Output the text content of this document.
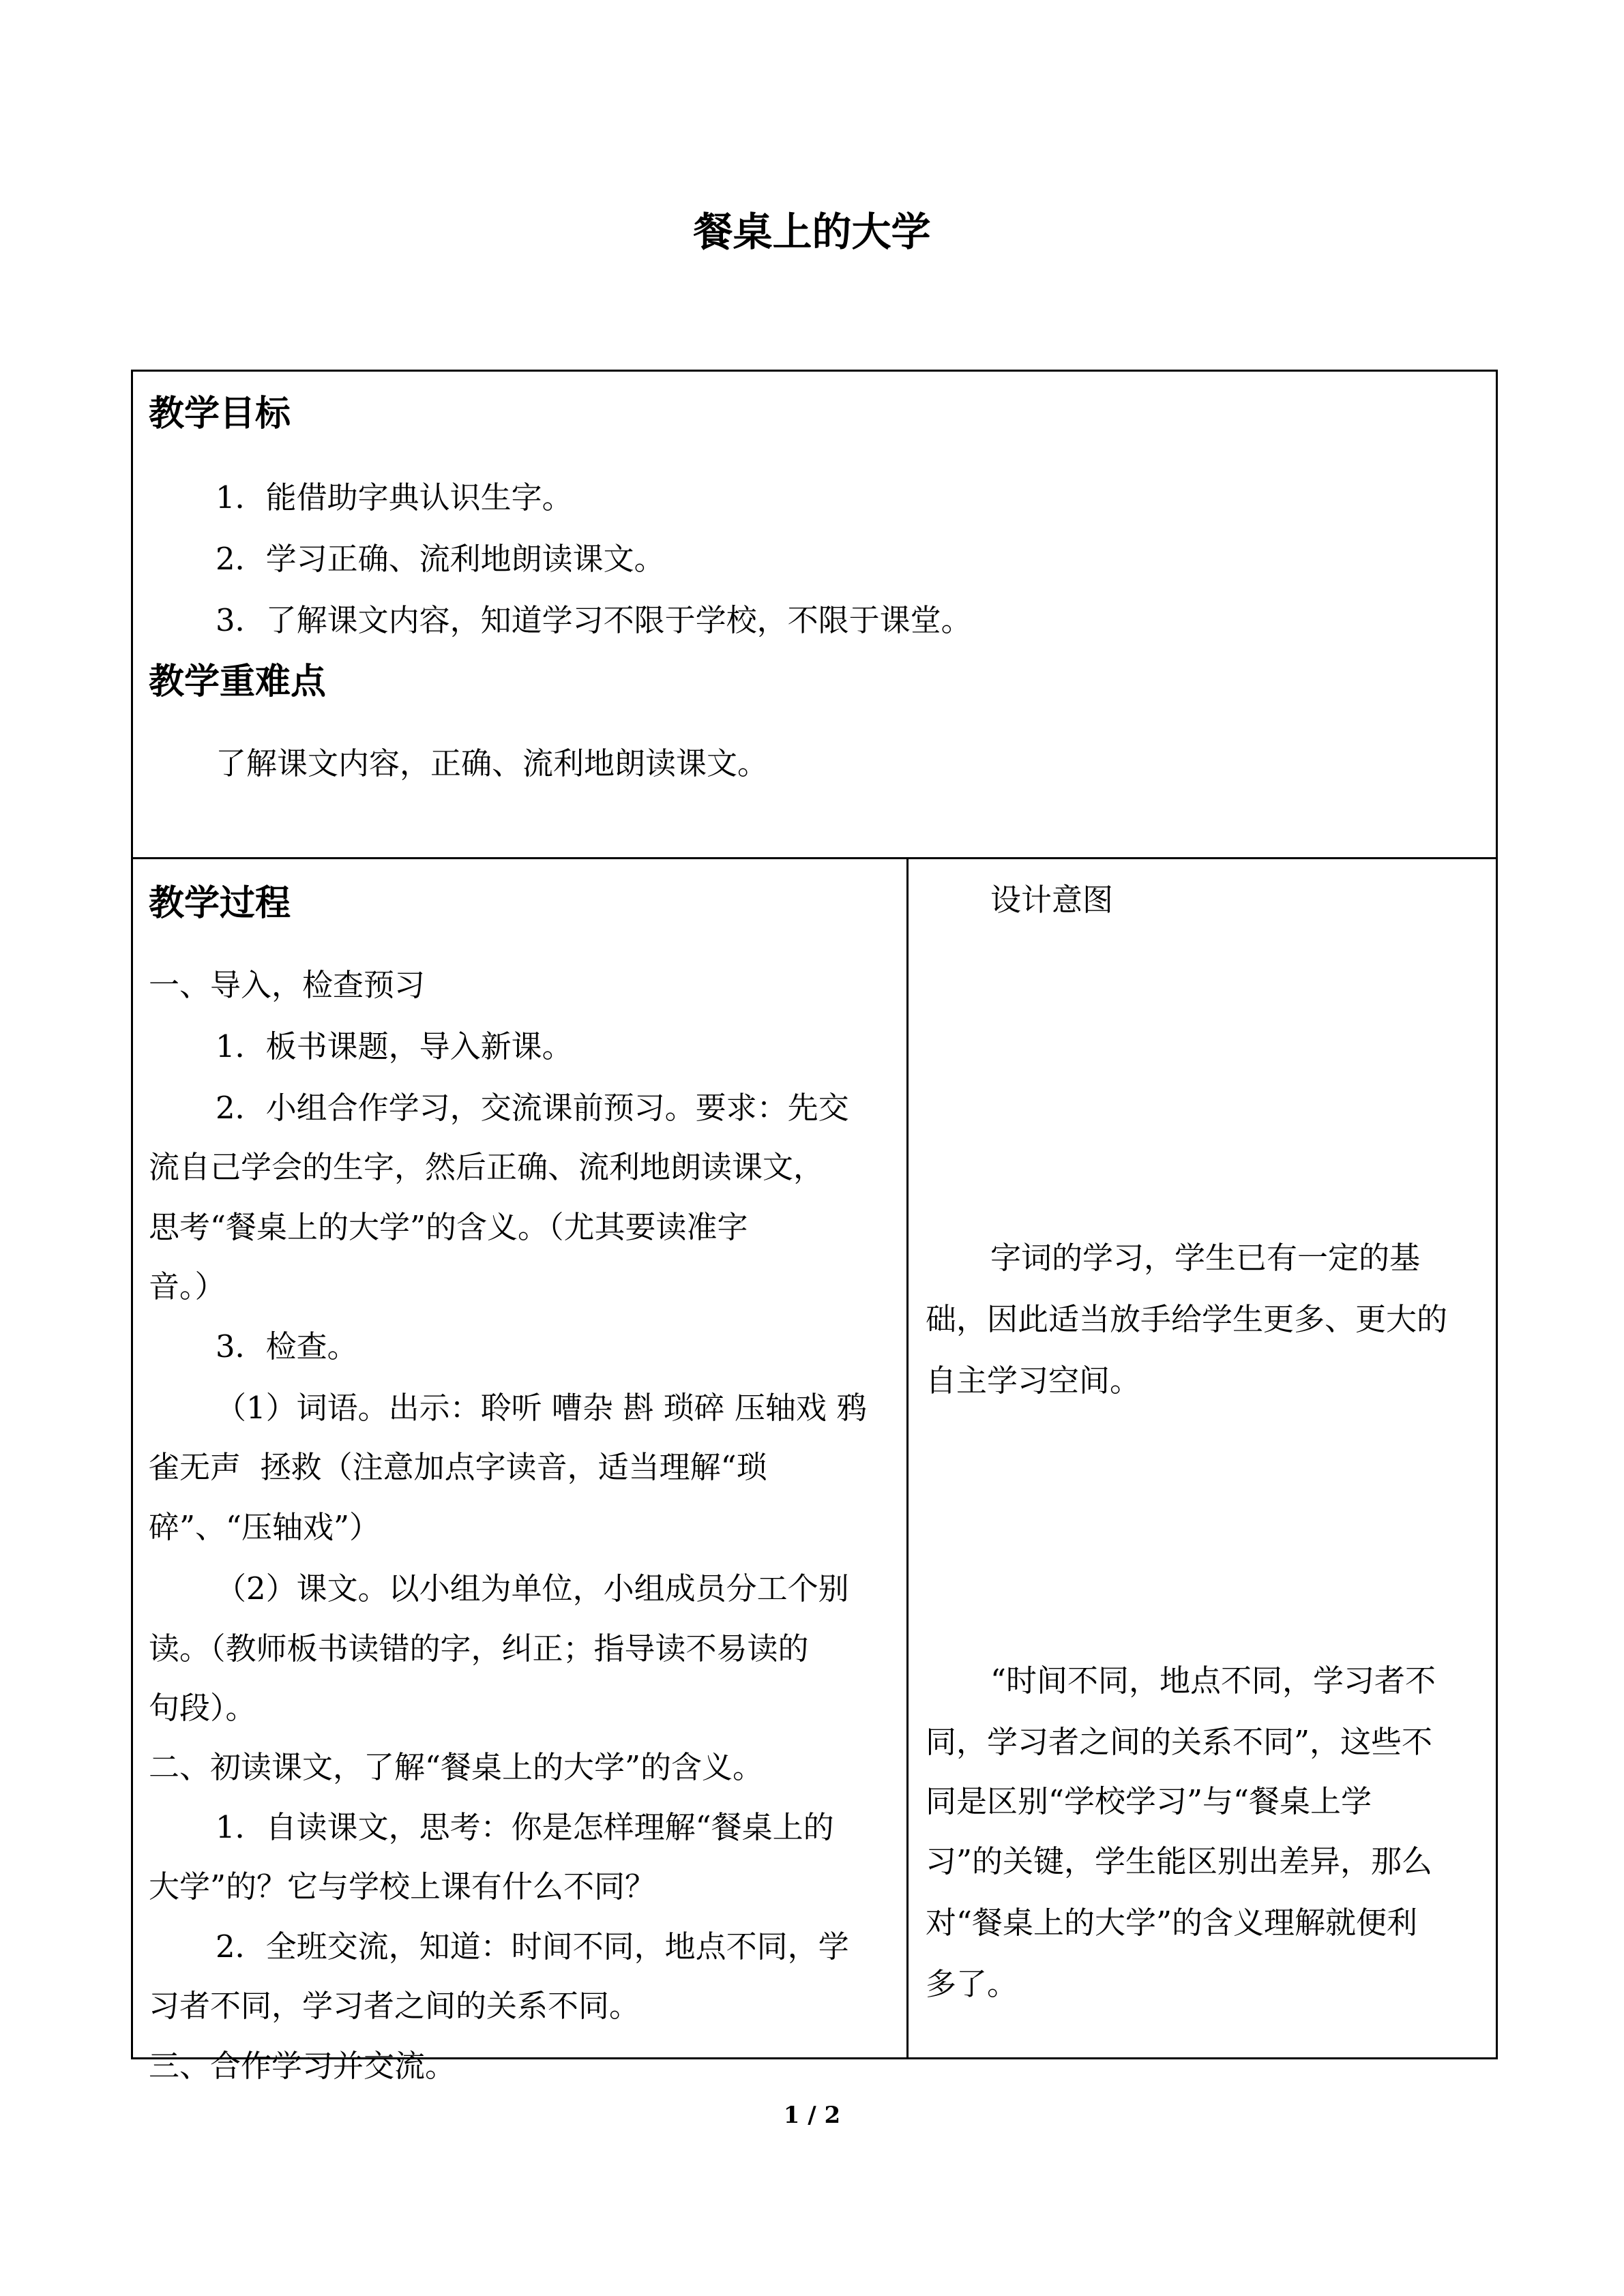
餐桌上的大学
教学目标
1．能借助字典认识生字。
2．学习正确、流利地朗读课文。
3．了解课文内容，知道学习不限于学校，不限于课堂。
教学重难点
了解课文内容，正确、流利地朗读课文。
教学过程
一、导入，检查预习
1．板书课题，导入新课。
2．小组合作学习，交流课前预习。要求：先交
流自己学会的生字，然后正确、流利地朗读课文，
思考“餐桌上的大学”的含义。（尤其要读准字
音。）
3．检查。
（1）词语。出示：聆听 嘈杂 斟 琐碎 压轴戏 鸦
雀无声  拯救（注意加点字读音，适当理解“琐
碎”、“压轴戏”）
（2）课文。以小组为单位，小组成员分工个别
读。（教师板书读错的字，纠正；指导读不易读的
句段）。
二、初读课文，了解“餐桌上的大学”的含义。
1．自读课文，思考：你是怎样理解“餐桌上的
大学”的？它与学校上课有什么不同？
2．全班交流，知道：时间不同，地点不同，学
习者不同，学习者之间的关系不同。
三、合作学习并交流。
设计意图
字词的学习，学生已有一定的基
础，因此适当放手给学生更多、更大的
自主学习空间。
“时间不同，地点不同，学习者不
同，学习者之间的关系不同”，这些不
同是区别“学校学习”与“餐桌上学
习”的关键，学生能区别出差异，那么
对“餐桌上的大学”的含义理解就便利
多了。
1 / 2
